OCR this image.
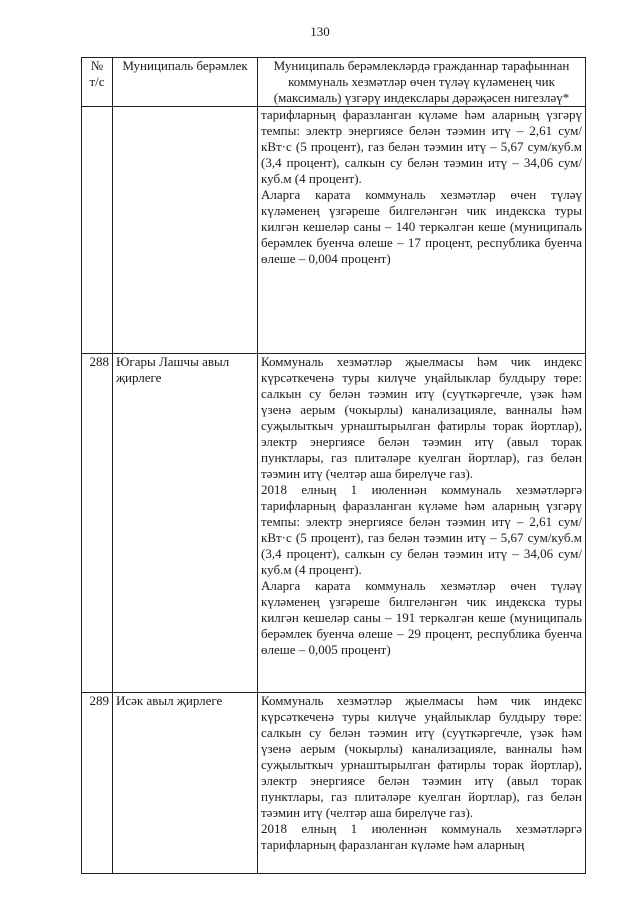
130
№ т/с	Муниципаль берәмлек	Муниципаль берәмлекләрдә гражданнар тарафыннан коммуналь хезмәтләр өчен түләү күләменең чик (максималь) үзгәрү индекслары дәрәҗәсен нигезләү*

		тарифларның фаразланган күләме һәм аларның үзгәрү темпы: электр энергиясе белән тәэмин итү – 2,61 сум/кВт·с (5 процент), газ белән тәэмин итү – 5,67 сум/куб.м (3,4 процент), салкын су белән тәэмин итү – 34,06 сум/куб.м (4 процент).

Аларга карата коммуналь хезмәтләр өчен түләү күләменең үзгәреше билгеләнгән чик индекска туры килгән кешеләр саны – 140 теркәлгән кеше (муниципаль берәмлек буенча өлеше – 17 процент, республика буенча өлеше – 0,004 процент)

288	Югары Лашчы авыл җирлеге	Коммуналь хезмәтләр җыелмасы һәм чик индекс күрсәткеченә туры килүче уңайлыклар булдыру төре: салкын су белән тәэмин итү (суүткәргечле, үзәк һәм үзенә аерым (чокырлы) канализацияле, ванналы һәм суҗылыткыч урнаштырылган фатирлы торак йортлар), электр энергиясе белән тәэмин итү (авыл торак пунктлары, газ плитәләре куелган йортлар), газ белән тәэмин итү (челтәр аша бирелүче газ).

2018 елның 1 июленнән коммуналь хезмәтләргә тарифларның фаразланган күләме һәм аларның үзгәрү темпы: электр энергиясе белән тәэмин итү – 2,61 сум/кВт·с (5 процент), газ белән тәэмин итү – 5,67 сум/куб.м (3,4 процент), салкын су белән тәэмин итү – 34,06 сум/куб.м (4 процент).

Аларга карата коммуналь хезмәтләр өчен түләү күләменең үзгәреше билгеләнгән чик индекска туры килгән кешеләр саны – 191 теркәлгән кеше (муниципаль берәмлек буенча өлеше – 29 процент, республика буенча өлеше – 0,005 процент)

289	Исәк авыл җирлеге	Коммуналь хезмәтләр җыелмасы һәм чик индекс күрсәткеченә туры килүче уңайлыклар булдыру төре: салкын су белән тәэмин итү (суүткәргечле, үзәк һәм үзенә аерым (чокырлы) канализацияле, ванналы һәм суҗылыткыч урнаштырылган фатирлы торак йортлар), электр энергиясе белән тәэмин итү (авыл торак пунктлары, газ плитәләре куелган йортлар), газ белән тәэмин итү (челтәр аша бирелүче газ).

2018 елның 1 июленнән коммуналь хезмәтләргә тарифларның фаразланган күләме һәм аларның
